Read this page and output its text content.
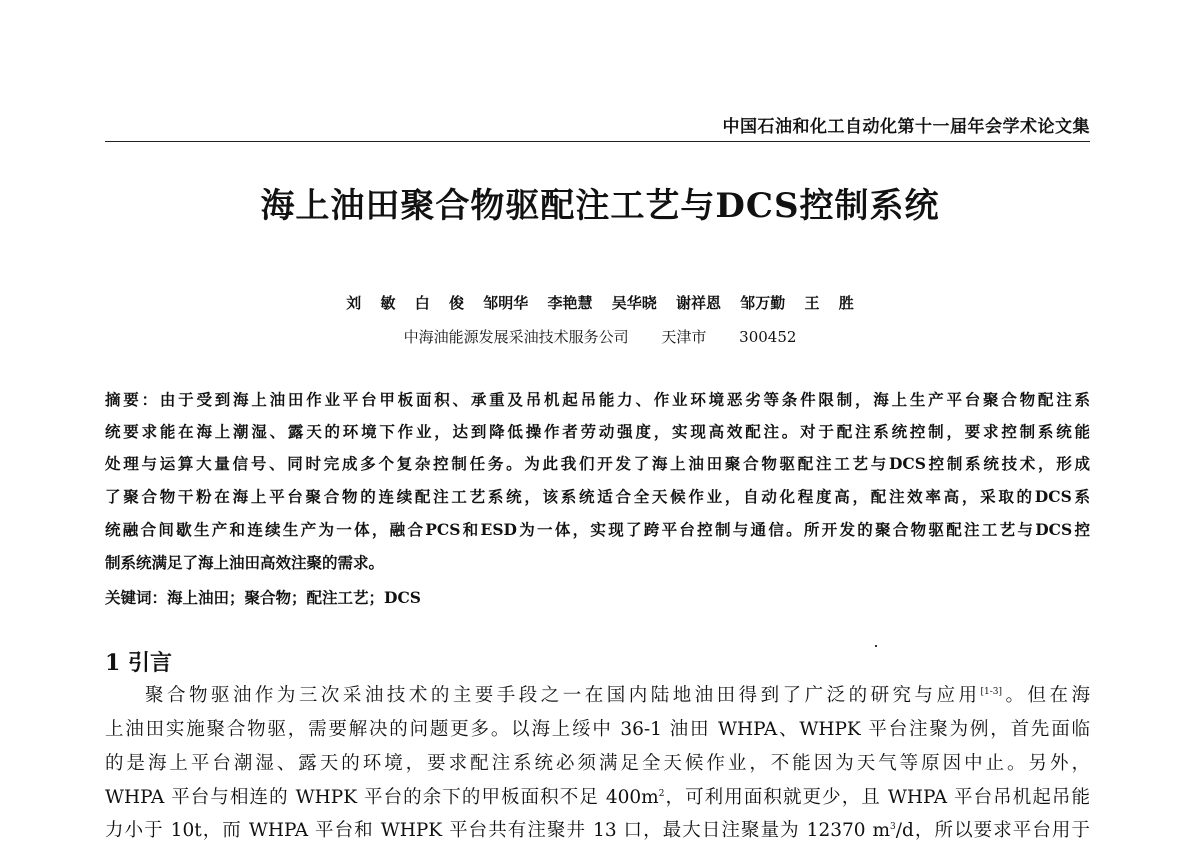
中国石油和化工自动化第十一届年会学术论文集
海上油田聚合物驱配注工艺与DCS控制系统
刘 敏 白 俊 邹明华 李艳慧 吴华晓 谢祥恩 邹万勤 王 胜
中海油能源发展采油技术服务公司 天津市 300452
摘要：由于受到海上油田作业平台甲板面积、承重及吊机起吊能力、作业环境恶劣等条件限制，海上生产平台聚合物配注系
统要求能在海上潮湿、露天的环境下作业，达到降低操作者劳动强度，实现高效配注。对于配注系统控制，要求控制系统能
处理与运算大量信号、同时完成多个复杂控制任务。为此我们开发了海上油田聚合物驱配注工艺与DCS控制系统技术，形成
了聚合物干粉在海上平台聚合物的连续配注工艺系统，该系统适合全天候作业，自动化程度高，配注效率高，采取的DCS系
统融合间歇生产和连续生产为一体，融合PCS和ESD为一体，实现了跨平台控制与通信。所开发的聚合物驱配注工艺与DCS控
制系统满足了海上油田高效注聚的需求。
关键词：海上油田；聚合物；配注工艺；DCS
1 引言
聚合物驱油作为三次采油技术的主要手段之一在国内陆地油田得到了广泛的研究与应用[1-3]。但在海
上油田实施聚合物驱，需要解决的问题更多。以海上绥中 36-1 油田 WHPA、WHPK 平台注聚为例，首先面临
的是海上平台潮湿、露天的环境，要求配注系统必须满足全天候作业，不能因为天气等原因中止。另外，
WHPA 平台与相连的 WHPK 平台的余下的甲板面积不足 $400m^2$，可利用面积就更少，且 WHPA 平台吊机起吊能
力小于 10t，而 WHPA 平台和 WHPK 平台共有注聚井 13 口，最大日注聚量为 12370 $m^3/d$，所以要求平台用于
